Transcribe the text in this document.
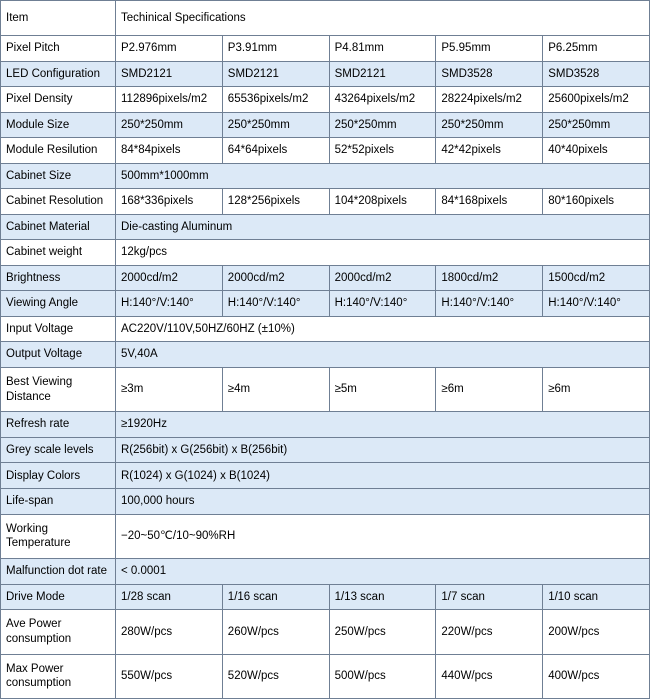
Item	Techinical Specifications				
Pixel Pitch	P2.976mm	P3.91mm	P4.81mm	P5.95mm	P6.25mm
LED Configuration	SMD2121	SMD2121	SMD2121	SMD3528	SMD3528
Pixel Density	112896pixels/m2	65536pixels/m2	43264pixels/m2	28224pixels/m2	25600pixels/m2
Module Size	250*250mm	250*250mm	250*250mm	250*250mm	250*250mm
Module Resilution	84*84pixels	64*64pixels	52*52pixels	42*42pixels	40*40pixels
Cabinet Size	500mm*1000mm				
Cabinet Resolution	168*336pixels	128*256pixels	104*208pixels	84*168pixels	80*160pixels
Cabinet Material	Die-casting Aluminum				
Cabinet weight	12kg/pcs				
Brightness	2000cd/m2	2000cd/m2	2000cd/m2	1800cd/m2	1500cd/m2
Viewing Angle	H:140°/V:140°	H:140°/V:140°	H:140°/V:140°	H:140°/V:140°	H:140°/V:140°
Input Voltage	AC220V/110V,50HZ/60HZ (±10%)				
Output Voltage	5V,40A				
Best Viewing Distance	≥3m	≥4m	≥5m	≥6m	≥6m
Refresh rate	≥1920Hz				
Grey scale levels	R(256bit) x G(256bit) x B(256bit)				
Display Colors	R(1024) x G(1024) x B(1024)				
Life-span	100,000 hours				
Working Temperature	−20~50℃/10~90%RH				
Malfunction dot rate	< 0.0001				
Drive Mode	1/28 scan	1/16 scan	1/13 scan	1/7 scan	1/10 scan
Ave Power consumption	280W/pcs	260W/pcs	250W/pcs	220W/pcs	200W/pcs
Max Power consumption	550W/pcs	520W/pcs	500W/pcs	440W/pcs	400W/pcs
